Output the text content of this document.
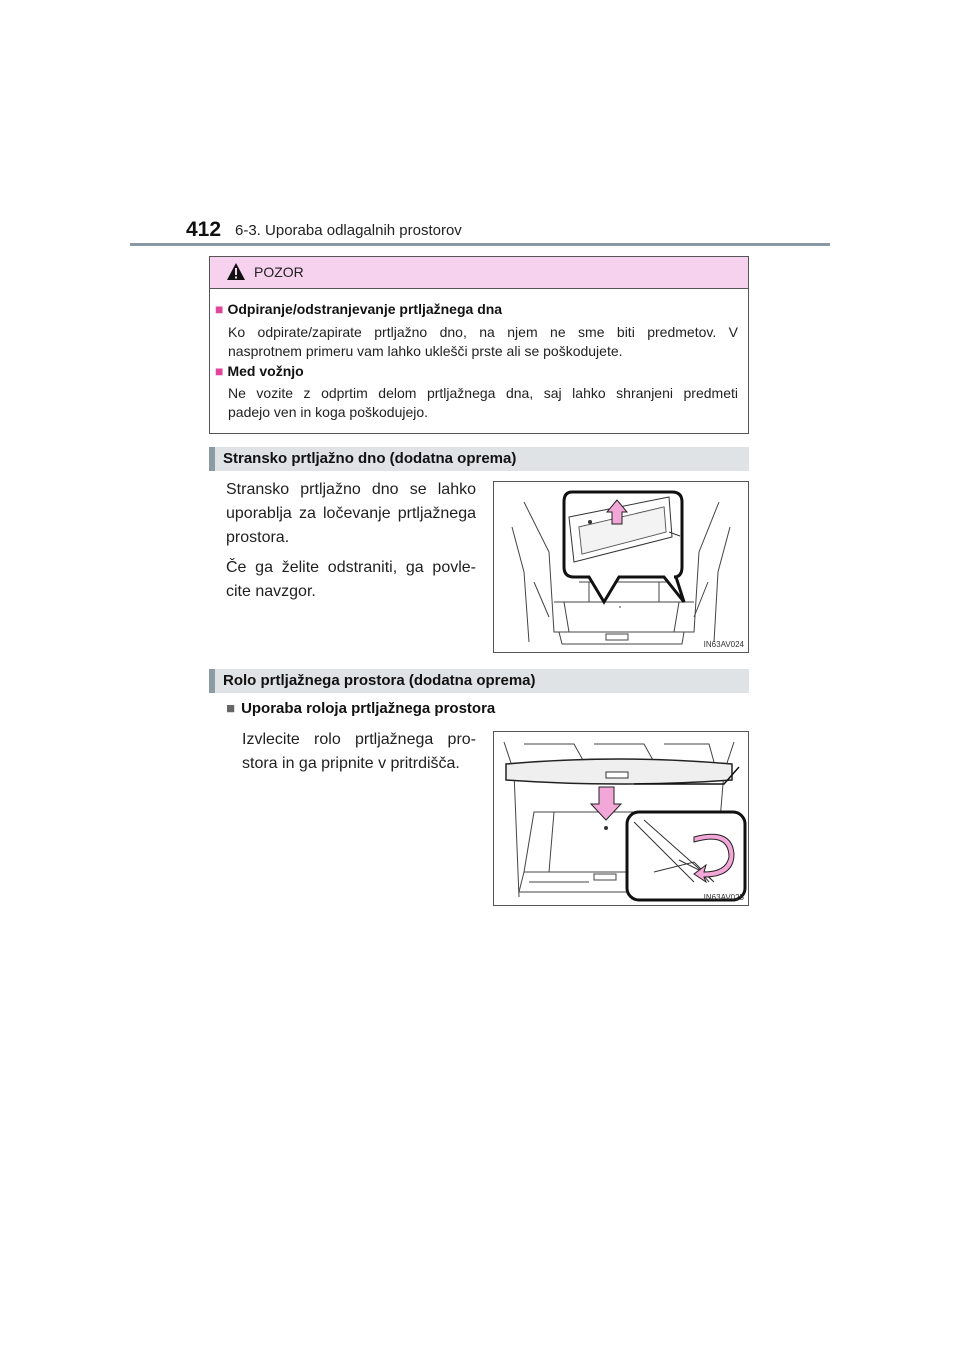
412 6-3. Uporaba odlagalnih prostorov
POZOR
■ Odpiranje/odstranjevanje prtljažnega dna
Ko odpirate/zapirate prtljažno dno, na njem ne sme biti predmetov. V
nasprotnem primeru vam lahko uklešči prste ali se poškodujete.
■ Med vožnjo
Ne vozite z odprtim delom prtljažnega dna, saj lahko shranjeni predmeti
padejo ven in koga poškodujejo.
Stransko prtljažno dno (dodatna oprema)
Stransko prtljažno dno se lahko
uporablja za ločevanje prtljažnega
prostora.
Če ga želite odstraniti, ga povle-
cite navzgor.
IN63AV024
Rolo prtljažnega prostora (dodatna oprema)
■ Uporaba roloja prtljažnega prostora
Izvlecite rolo prtljažnega pro-
stora in ga pripnite v pritrdišča.
IN63AV025
